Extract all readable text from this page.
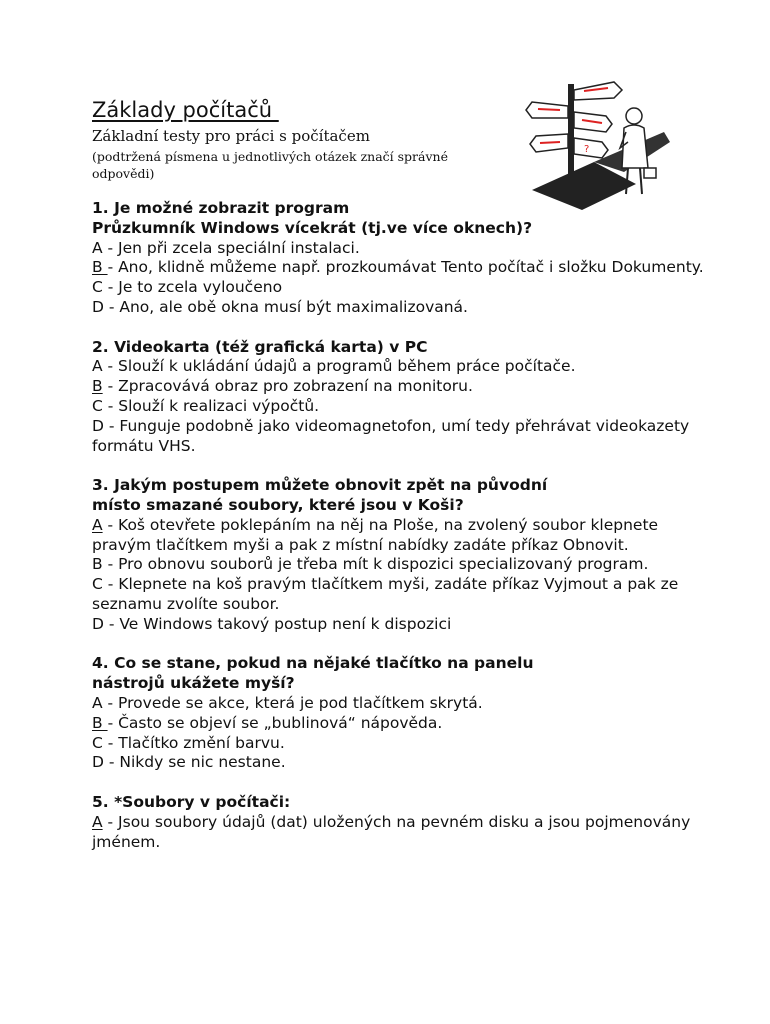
Základy počítačů
Základní testy pro práci s počítačem
(podtržená písmena u jednotlivých otázek značí správné odpovědi)
?
1. Je možné zobrazit program
Průzkumník Windows vícekrát (tj.ve více oknech)?
A - Jen při zcela speciální instalaci.
B - Ano, klidně můžeme např. prozkoumávat Tento počítač i složku Dokumenty.
C - Je to zcela vyloučeno
D - Ano, ale obě okna musí být maximalizovaná.
2. Videokarta (též grafická karta) v PC
A - Slouží k ukládání údajů a programů během práce počítače.
B - Zpracovává obraz pro zobrazení na monitoru.
C - Slouží k realizaci výpočtů.
D - Funguje podobně jako videomagnetofon, umí tedy přehrávat videokazety formátu VHS.
3. Jakým postupem můžete obnovit zpět na původní
místo smazané soubory, které jsou v Koši?
A - Koš otevřete poklepáním na něj na Ploše, na zvolený soubor klepnete pravým tlačítkem myši a pak z místní nabídky zadáte příkaz Obnovit.
B - Pro obnovu souborů je třeba mít k dispozici specializovaný program.
C - Klepnete na koš pravým tlačítkem myši, zadáte příkaz Vyjmout a pak ze seznamu zvolíte soubor.
D - Ve Windows takový postup není k dispozici
4. Co se stane, pokud na nějaké tlačítko na panelu
nástrojů ukážete myší?
A - Provede se akce, která je pod tlačítkem skrytá.
B - Často se objeví se „bublinová“ nápověda.
C - Tlačítko změní barvu.
D - Nikdy se nic nestane.
5. *Soubory v počítači:
A - Jsou soubory údajů (dat) uložených na pevném disku a jsou pojmenovány jménem.
